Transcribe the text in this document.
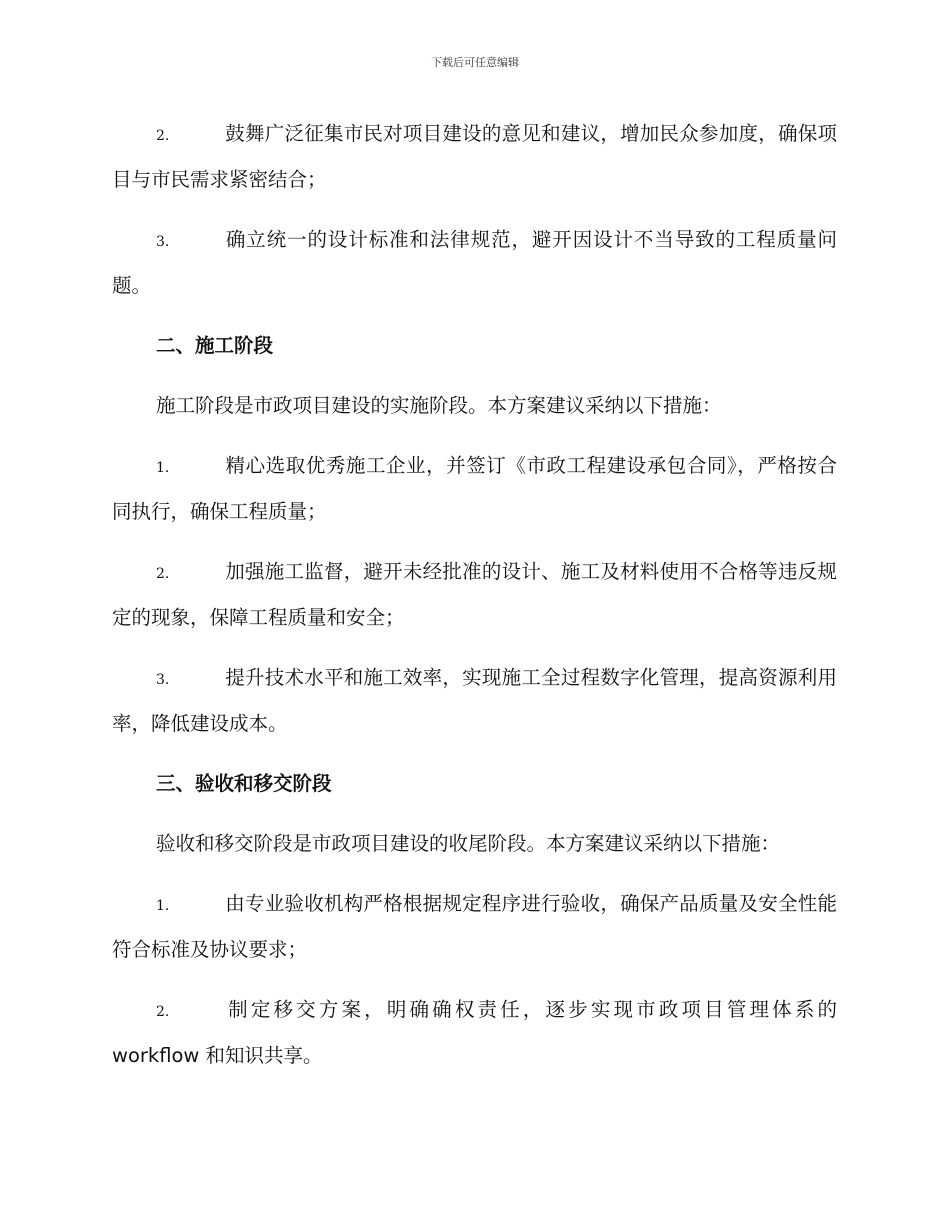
下载后可任意编辑

2.	鼓舞广泛征集市民对项目建设的意见和建议，增加民众参加度，确保项目与市民需求紧密结合；

3.	确立统一的设计标准和法律规范，避开因设计不当导致的工程质量问题。

二、施工阶段

施工阶段是市政项目建设的实施阶段。本方案建议采纳以下措施：

1.	精心选取优秀施工企业，并签订《市政工程建设承包合同》，严格按合同执行，确保工程质量；

2.	加强施工监督，避开未经批准的设计、施工及材料使用不合格等违反规定的现象，保障工程质量和安全；

3.	提升技术水平和施工效率，实现施工全过程数字化管理，提高资源利用率，降低建设成本。

三、验收和移交阶段

验收和移交阶段是市政项目建设的收尾阶段。本方案建议采纳以下措施：

1.	由专业验收机构严格根据规定程序进行验收，确保产品质量及安全性能符合标准及协议要求；

2.	制定移交方案，明确确权责任，逐步实现市政项目管理体系的workflow 和知识共享。
